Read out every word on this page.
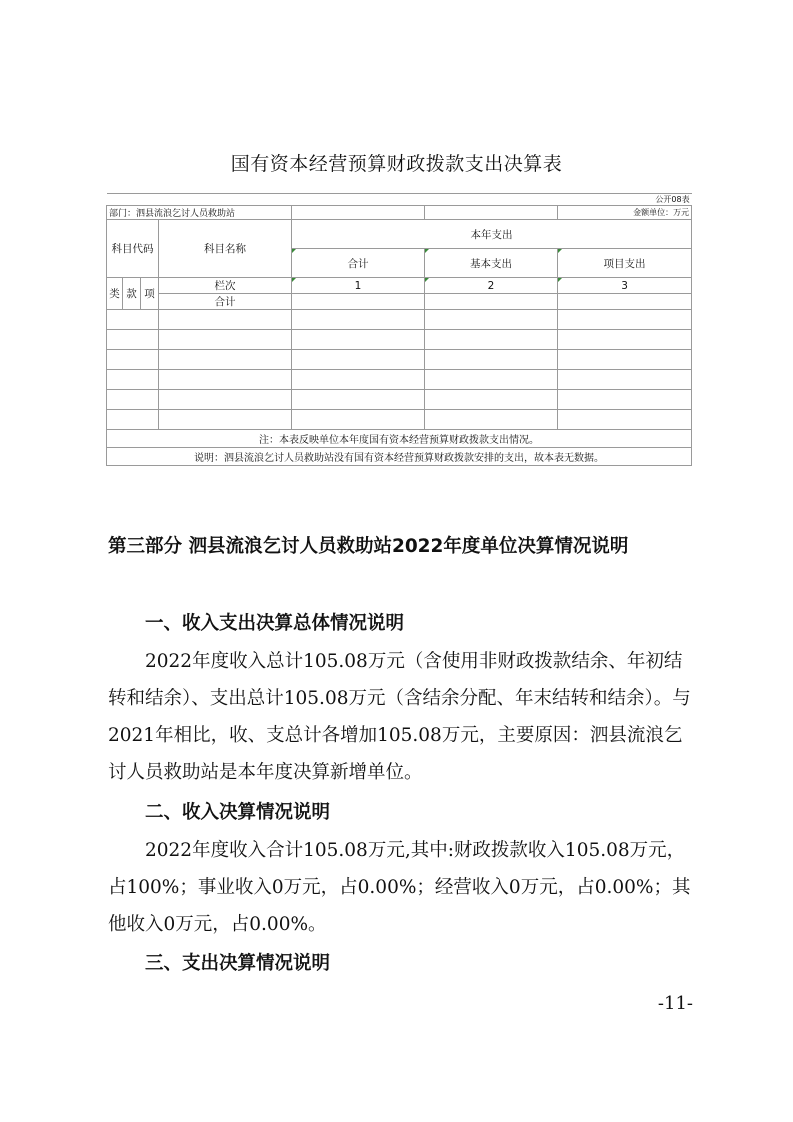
国有资本经营预算财政拨款支出决算表
公开08表						
部门：泗县流浪乞讨人员救助站						金额单位：万元
科目代码			科目名称	本年支出		
				合计	基本支出	项目支出
类	款	项	栏次	1	2	3
			合计			

注：本表反映单位本年度国有资本经营预算财政拨款支出情况。						
说明：泗县流浪乞讨人员救助站没有国有资本经营预算财政拨款安排的支出，故本表无数据。						
第三部分 泗县流浪乞讨人员救助站2022年度单位决算情况说明
一、收入支出决算总体情况说明

2022年度收入总计105.08万元（含使用非财政拨款结余、年初结转和结余）、支出总计105.08万元（含结余分配、年末结转和结余）。与2021年相比，收、支总计各增加105.08万元，主要原因：泗县流浪乞讨人员救助站是本年度决算新增单位。

二、收入决算情况说明

2022年度收入合计105.08万元,其中:财政拨款收入105.08万元，占100%；事业收入0万元，占0.00%；经营收入0万元，占0.00%；其他收入0万元，占0.00%。

三、支出决算情况说明
-11-
